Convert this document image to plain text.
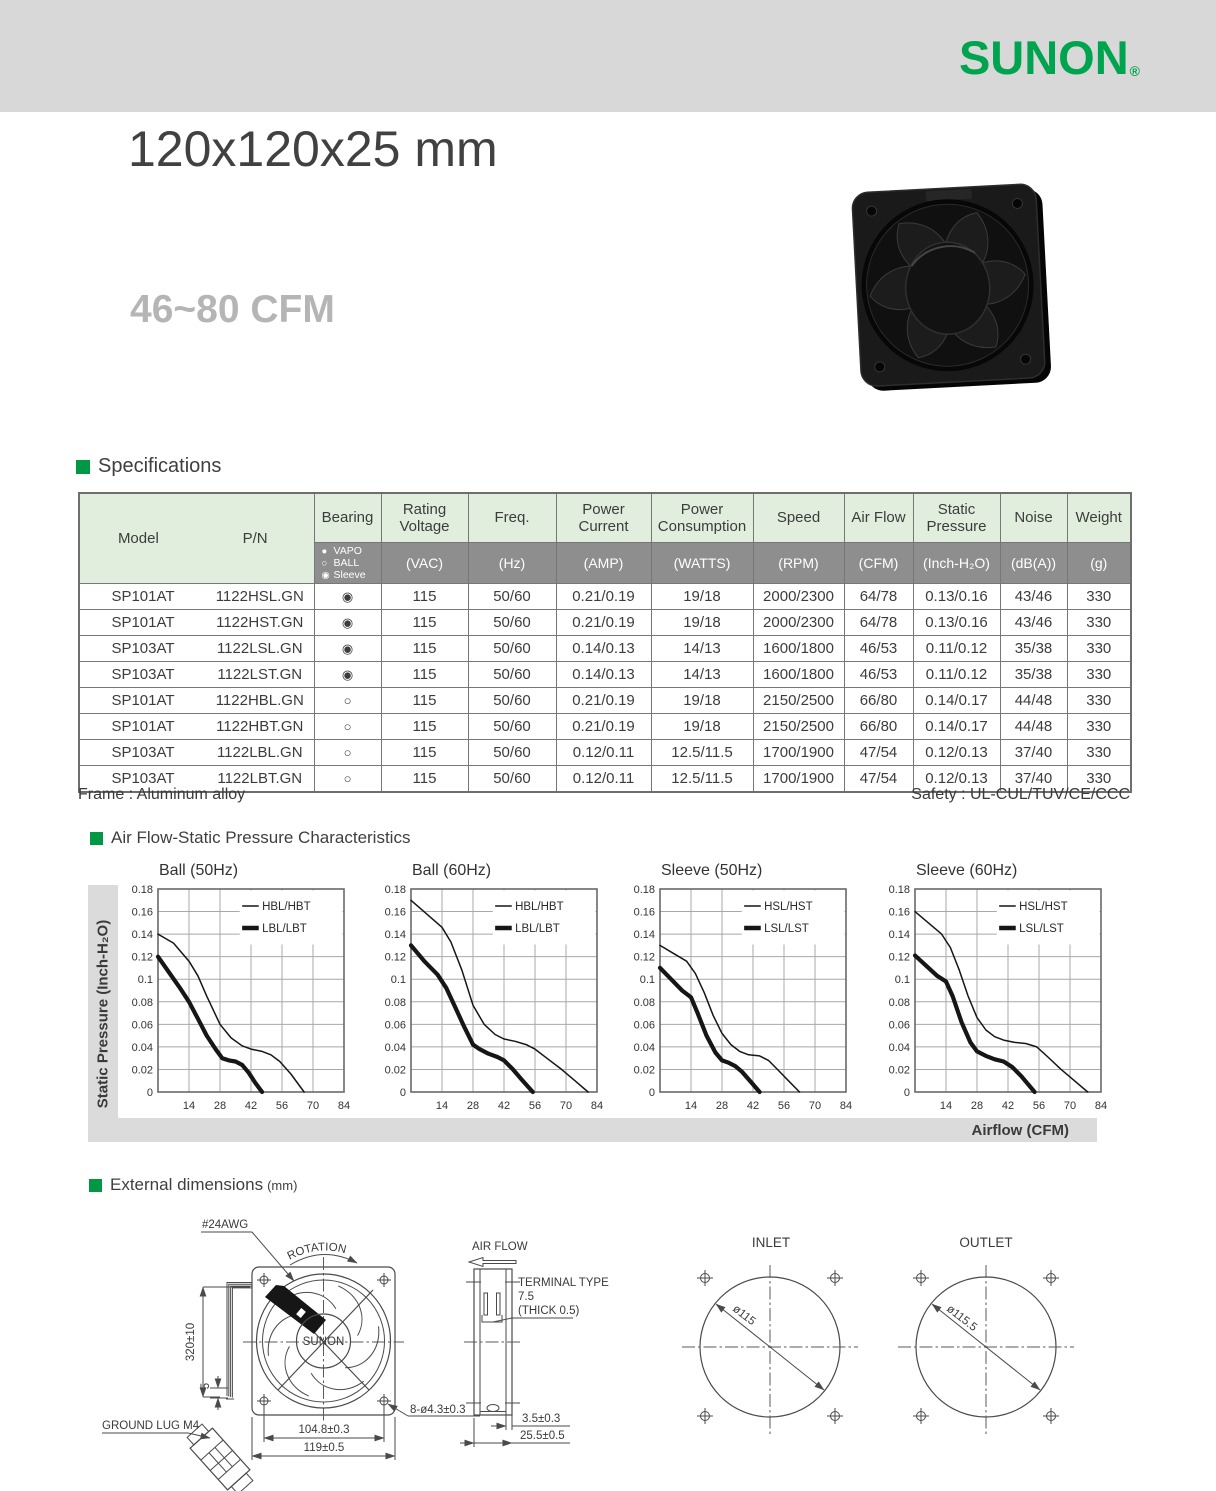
SUNON®
120x120x25 mm
46~80 CFM
Specifications
Model P/N		Bearing	Rating Voltage	Freq.	Power Current	Power Consumption	Speed	Air Flow	Static Pressure	Noise	Weight

		● VAPO
○ BALL
◉ Sleeve	(VAC)	(Hz)	(AMP)	(WATTS)	(RPM)	(CFM)	(Inch-H₂O)	(dB(A))	(g)
SP101AT	1122HSL.GN	◉	115	50/60	0.21/0.19	19/18	2000/2300	64/78	0.13/0.16	43/46	330
SP101AT	1122HST.GN	◉	115	50/60	0.21/0.19	19/18	2000/2300	64/78	0.13/0.16	43/46	330
SP103AT	1122LSL.GN	◉	115	50/60	0.14/0.13	14/13	1600/1800	46/53	0.11/0.12	35/38	330
SP103AT	1122LST.GN	◉	115	50/60	0.14/0.13	14/13	1600/1800	46/53	0.11/0.12	35/38	330
SP101AT	1122HBL.GN	○	115	50/60	0.21/0.19	19/18	2150/2500	66/80	0.14/0.17	44/48	330
SP101AT	1122HBT.GN	○	115	50/60	0.21/0.19	19/18	2150/2500	66/80	0.14/0.17	44/48	330
SP103AT	1122LBL.GN	○	115	50/60	0.12/0.11	12.5/11.5	1700/1900	47/54	0.12/0.13	37/40	330
SP103AT	1122LBT.GN	○	115	50/60	0.12/0.11	12.5/11.5	1700/1900	47/54	0.12/0.13	37/40	330
Frame : Aluminum alloy	Safety : UL-CUL/TUV/CE/CCC
Air Flow-Static Pressure Characteristics
Static Pressure (Inch-H₂O)
Airflow (CFM)
Ball (50Hz)
HBL/HBT
LBL/LBT
0
0.02
0.04
0.06
0.08
0.1
0.12
0.14
0.16
0.18
14 28 42 56 70 84
Ball (60Hz)
HBL/HBT
LBL/LBT
0
0.02
0.04
0.06
0.08
0.1
0.12
0.14
0.16
0.18
14 28 42 56 70 84
Sleeve (50Hz)
HSL/HST
LSL/LST
0
0.02
0.04
0.06
0.08
0.1
0.12
0.14
0.16
0.18
14 28 42 56 70 84
Sleeve (60Hz)
HSL/HST
LSL/LST
0
0.02
0.04
0.06
0.08
0.1
0.12
0.14
0.16
0.18
14 28 42 56 70 84
External dimensions (mm)
SUNON
ROTATION
#24AWG
320±10
5
GROUND LUG M4
8-ø4.3±0.3
104.8±0.3
119±0.5
AIR FLOW
TERMINAL TYPE
7.5
(THICK 0.5)
3.5±0.3
25.5±0.5
INLET
ø115
OUTLET
ø115.5
